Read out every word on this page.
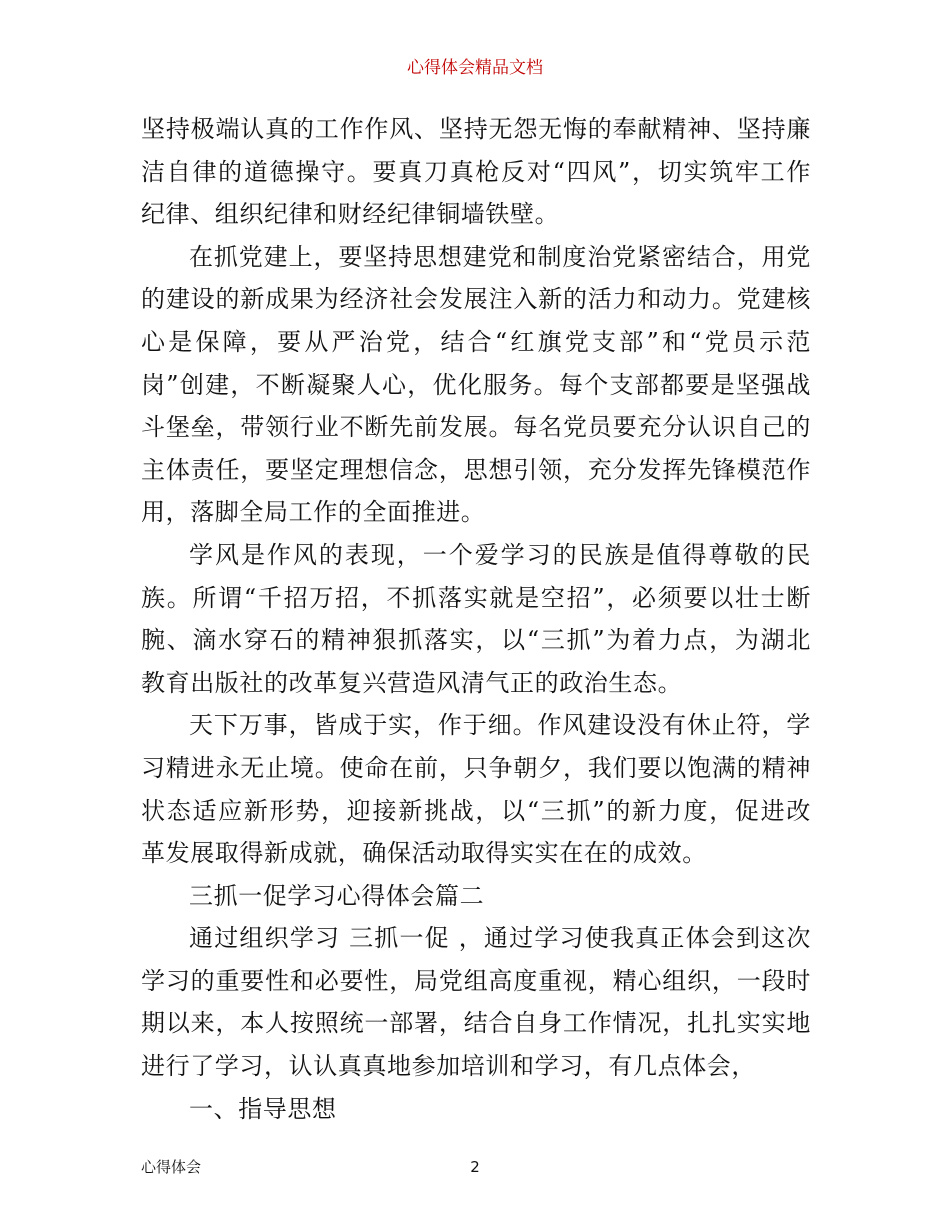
心得体会精品文档
坚持极端认真的工作作风、坚持无怨无悔的奉献精神、坚持廉
洁自律的道德操守。要真刀真枪反对“四风”，切实筑牢工作
纪律、组织纪律和财经纪律铜墙铁壁。
在抓党建上，要坚持思想建党和制度治党紧密结合，用党
的建设的新成果为经济社会发展注入新的活力和动力。党建核
心是保障，要从严治党，结合“红旗党支部”和“党员示范
岗”创建，不断凝聚人心，优化服务。每个支部都要是坚强战
斗堡垒，带领行业不断先前发展。每名党员要充分认识自己的
主体责任，要坚定理想信念，思想引领，充分发挥先锋模范作
用，落脚全局工作的全面推进。
学风是作风的表现，一个爱学习的民族是值得尊敬的民
族。所谓“千招万招，不抓落实就是空招”，必须要以壮士断
腕、滴水穿石的精神狠抓落实，以“三抓”为着力点，为湖北
教育出版社的改革复兴营造风清气正的政治生态。
天下万事，皆成于实，作于细。作风建设没有休止符，学
习精进永无止境。使命在前，只争朝夕，我们要以饱满的精神
状态适应新形势，迎接新挑战，以“三抓”的新力度，促进改
革发展取得新成就，确保活动取得实实在在的成效。
三抓一促学习心得体会篇二
通过组织学习 三抓一促 ，通过学习使我真正体会到这次
学习的重要性和必要性，局党组高度重视，精心组织，一段时
期以来，本人按照统一部署，结合自身工作情况，扎扎实实地
进行了学习，认认真真地参加培训和学习，有几点体会，
一、指导思想
心得体会	2
